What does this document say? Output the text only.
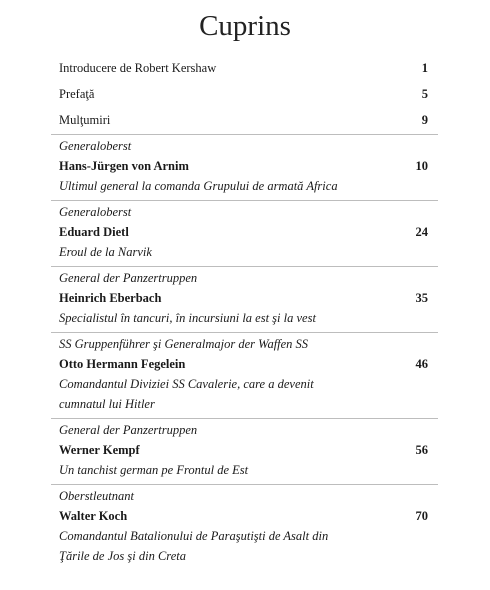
Cuprins
Introducere de Robert Kershaw	1
Prefaţă	5
Mulţumiri	9
Generaloberst
Hans-Jürgen von Arnim	10
Ultimul general la comanda Grupului de armată Africa
Generaloberst
Eduard Dietl	24
Eroul de la Narvik
General der Panzertruppen
Heinrich Eberbach	35
Specialistul în tancuri, în incursiuni la est şi la vest
SS Gruppenführer şi Generalmajor der Waffen SS
Otto Hermann Fegelein	46
Comandantul Diviziei SS Cavalerie, care a devenit
cumnatul lui Hitler
General der Panzertruppen
Werner Kempf	56
Un tanchist german pe Frontul de Est
Oberstleutnant
Walter Koch	70
Comandantul Batalionului de Paraşutişti de Asalt din
Ţările de Jos şi din Creta
